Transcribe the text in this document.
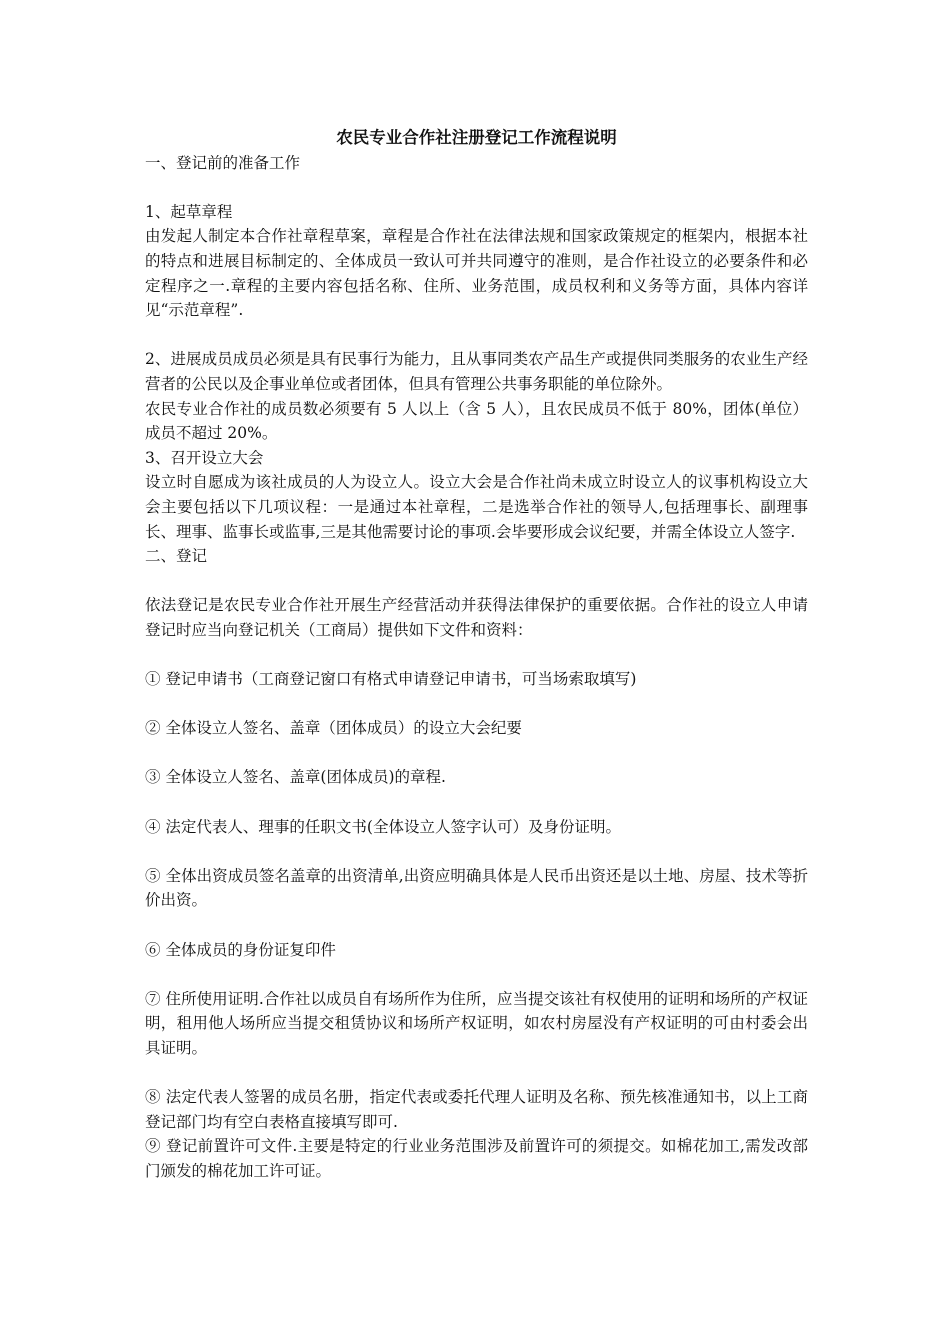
农民专业合作社注册登记工作流程说明

一、登记前的准备工作

1、起草章程

由发起人制定本合作社章程草案，章程是合作社在法律法规和国家政策规定的框架内，根据本社的特点和进展目标制定的、全体成员一致认可并共同遵守的准则，是合作社设立的必要条件和必定程序之一.章程的主要内容包括名称、住所、业务范围，成员权利和义务等方面，具体内容详见“示范章程”.

2、进展成员成员必须是具有民事行为能力，且从事同类农产品生产或提供同类服务的农业生产经营者的公民以及企事业单位或者团体，但具有管理公共事务职能的单位除外。

农民专业合作社的成员数必须要有 5 人以上（含 5 人），且农民成员不低于 80%，团体(单位）成员不超过 20%。

3、召开设立大会

设立时自愿成为该社成员的人为设立人。设立大会是合作社尚未成立时设立人的议事机构设立大会主要包括以下几项议程：一是通过本社章程，二是选举合作社的领导人,包括理事长、副理事长、理事、监事长或监事,三是其他需要讨论的事项.会毕要形成会议纪要，并需全体设立人签字.

二、登记

依法登记是农民专业合作社开展生产经营活动并获得法律保护的重要依据。合作社的设立人申请登记时应当向登记机关（工商局）提供如下文件和资料：

① 登记申请书（工商登记窗口有格式申请登记申请书，可当场索取填写)

② 全体设立人签名、盖章（团体成员）的设立大会纪要

③ 全体设立人签名、盖章(团体成员)的章程.

④ 法定代表人、理事的任职文书(全体设立人签字认可）及身份证明。

⑤ 全体出资成员签名盖章的出资清单,出资应明确具体是人民币出资还是以土地、房屋、技术等折价出资。

⑥ 全体成员的身份证复印件

⑦ 住所使用证明.合作社以成员自有场所作为住所，应当提交该社有权使用的证明和场所的产权证明，租用他人场所应当提交租赁协议和场所产权证明，如农村房屋没有产权证明的可由村委会出具证明。

⑧ 法定代表人签署的成员名册，指定代表或委托代理人证明及名称、预先核准通知书，以上工商登记部门均有空白表格直接填写即可.

⑨ 登记前置许可文件.主要是特定的行业业务范围涉及前置许可的须提交。如棉花加工,需发改部门颁发的棉花加工许可证。
